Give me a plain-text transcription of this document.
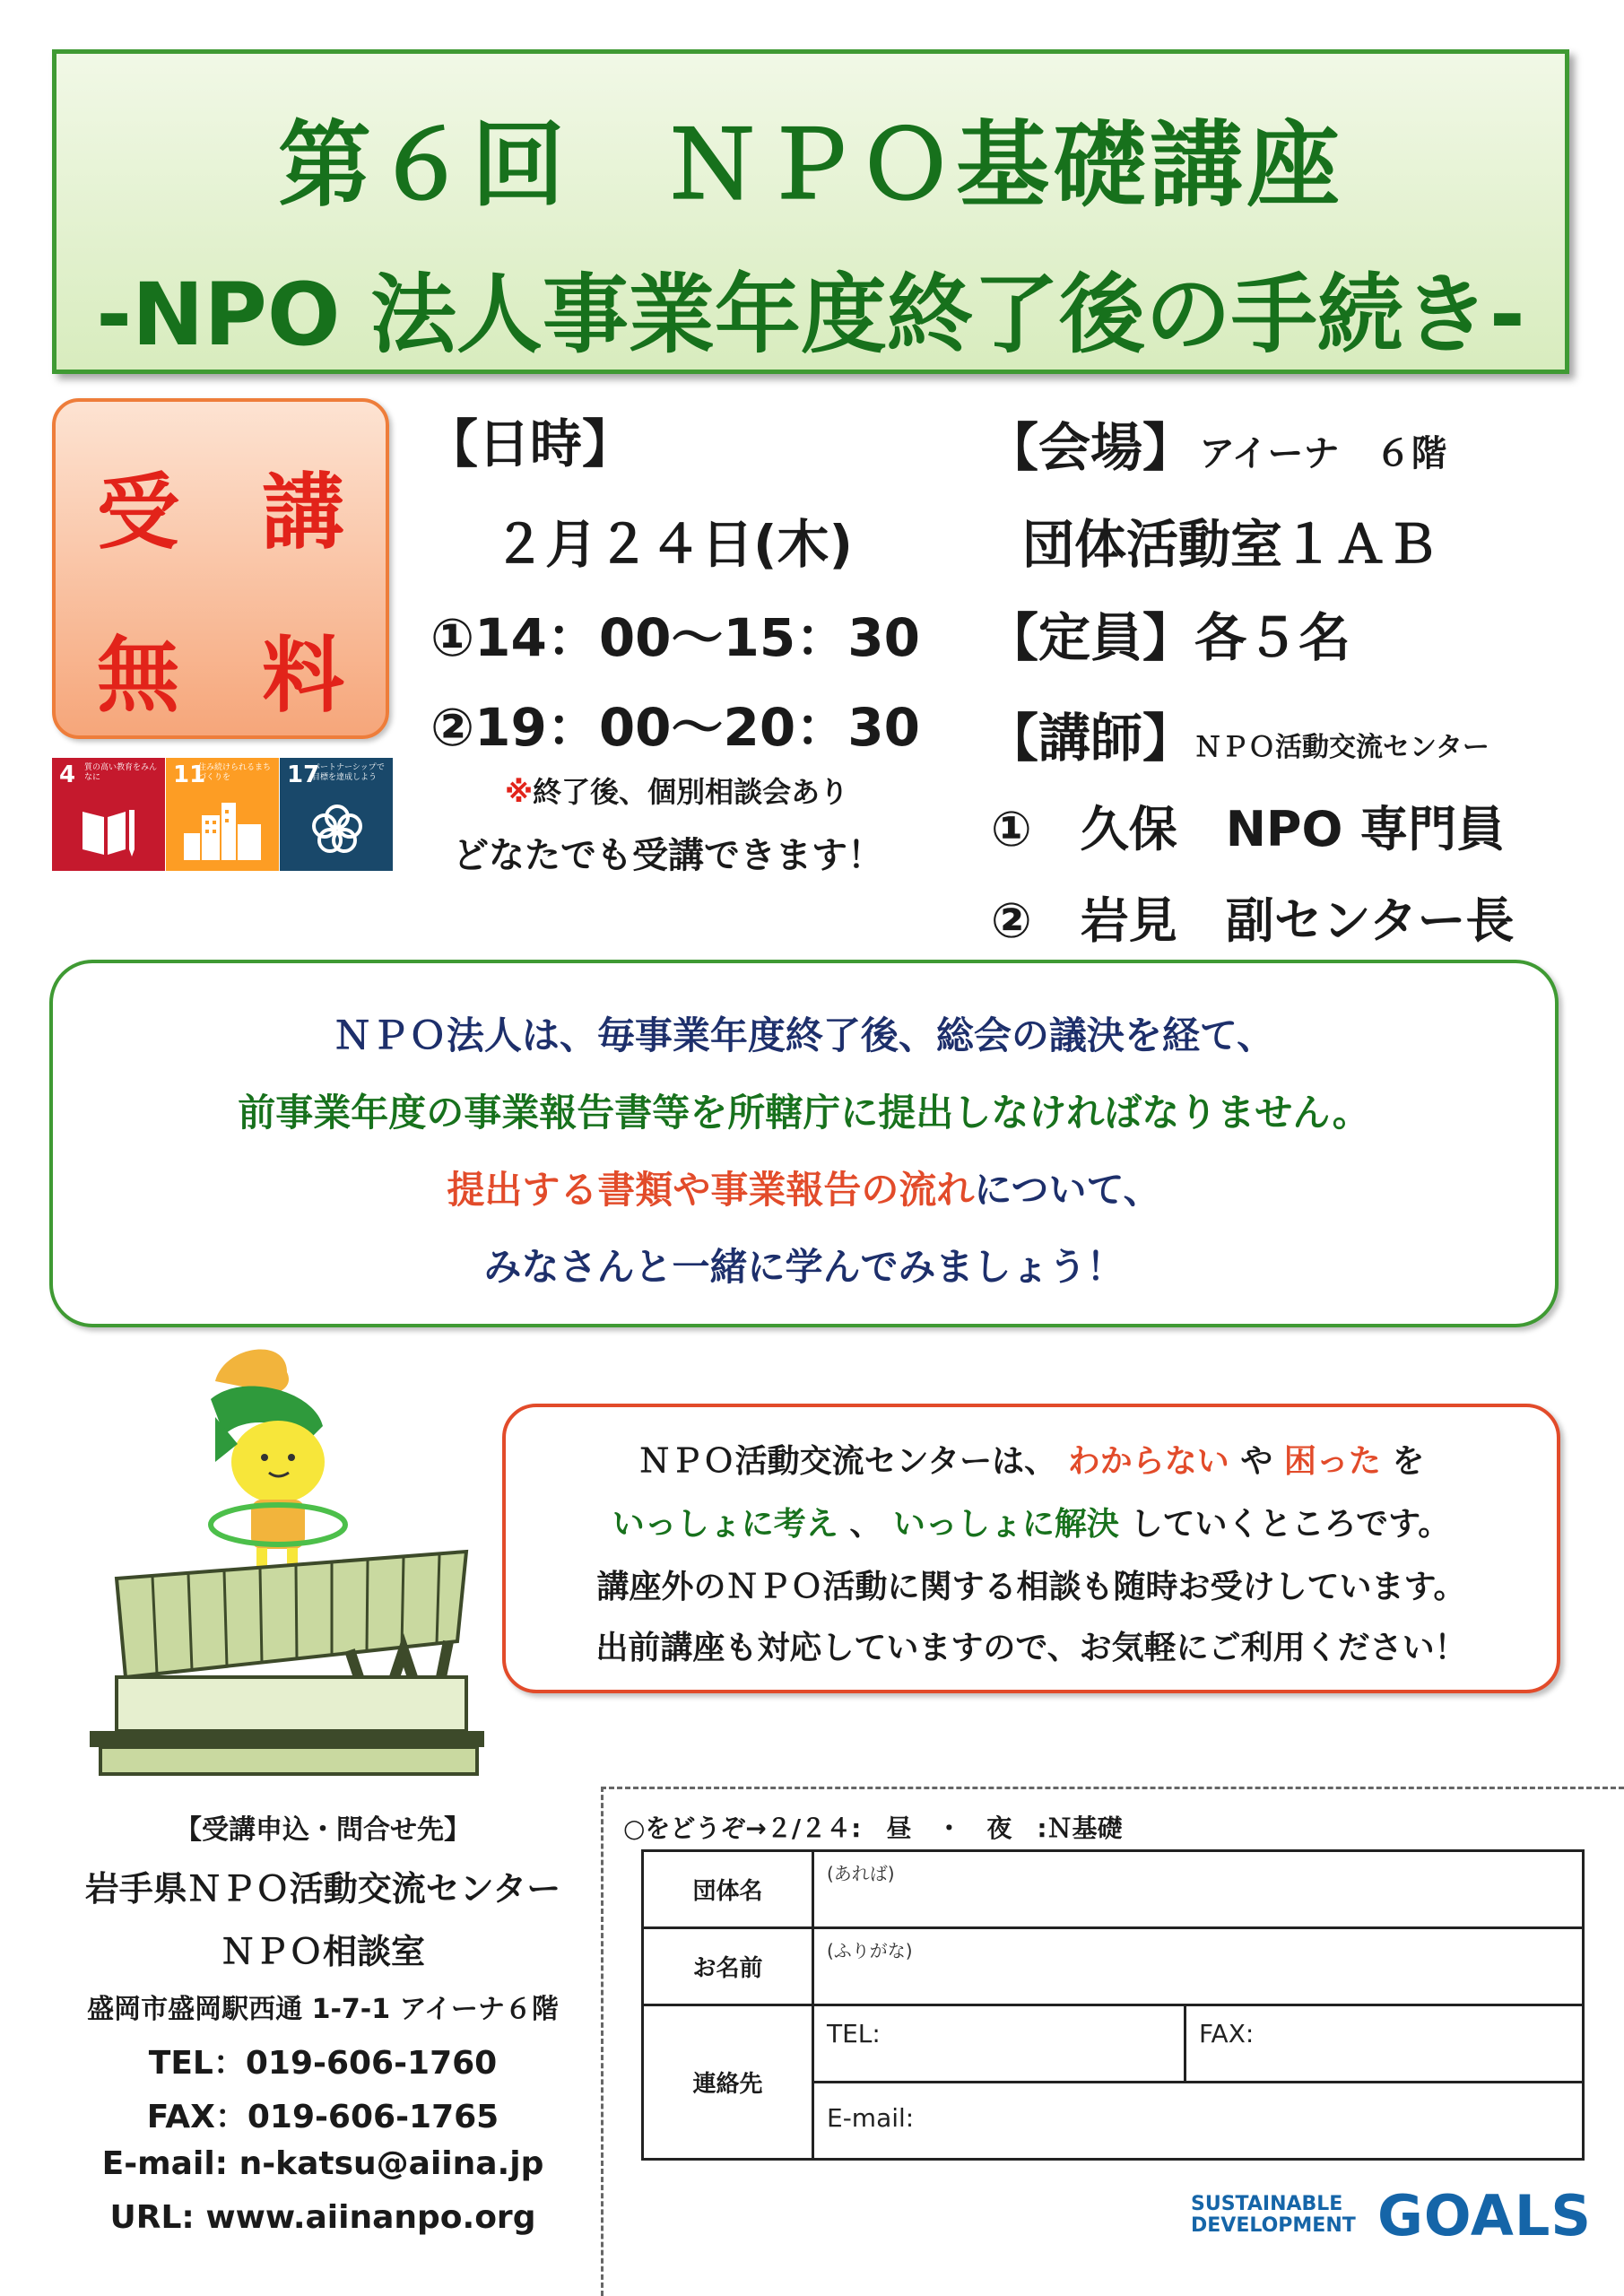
第６回　ＮＰＯ基礎講座
-NPO 法人事業年度終了後の手続き-
受　講
無　料
4 質の高い教育をみんなに	11
住み続けられるまちづくりを	17
パートナーシップで目標を達成しよう
【日時】
２月２４日(木)
①14：00～15：30
②19：00～20：30
※終了後、個別相談会あり
どなたでも受講できます！
【会場】 アイーナ　６階
団体活動室１ＡＢ
【定員】各５名
【講師】ＮＰＯ活動交流センター
①　久保　NPO 専門員
②　岩見　副センター長
ＮＰＯ法人は、毎事業年度終了後、総会の議決を経て、
前事業年度の事業報告書等を所轄庁に提出しなければなりません。
提出する書類や事業報告の流れについて、
みなさんと一緒に学んでみましょう！
ＮＰＯ活動交流センターは、 わからない や 困った を
いっしょに考え 、 いっしょに解決 していくところです。
講座外のＮＰＯ活動に関する相談も随時お受けしています。
出前講座も対応していますので、お気軽にご利用ください！
【受講申込・問合せ先】
岩手県ＮＰＯ活動交流センター
ＮＰＯ相談室
盛岡市盛岡駅西通 1-7-1 アイーナ６階
TEL：019-606-1760
FAX：019-606-1765
E-mail: n-katsu@aiina.jp
URL: www.aiinanpo.org
○をどうぞ→２/２４:　昼　・　夜　:Ｎ基礎
団体名	(あれば)	

お名前	(ふりがな)	

連絡先	TEL:	FAX:

	E-mail:	
SUSTAINABLE
DEVELOPMENT GOALS
